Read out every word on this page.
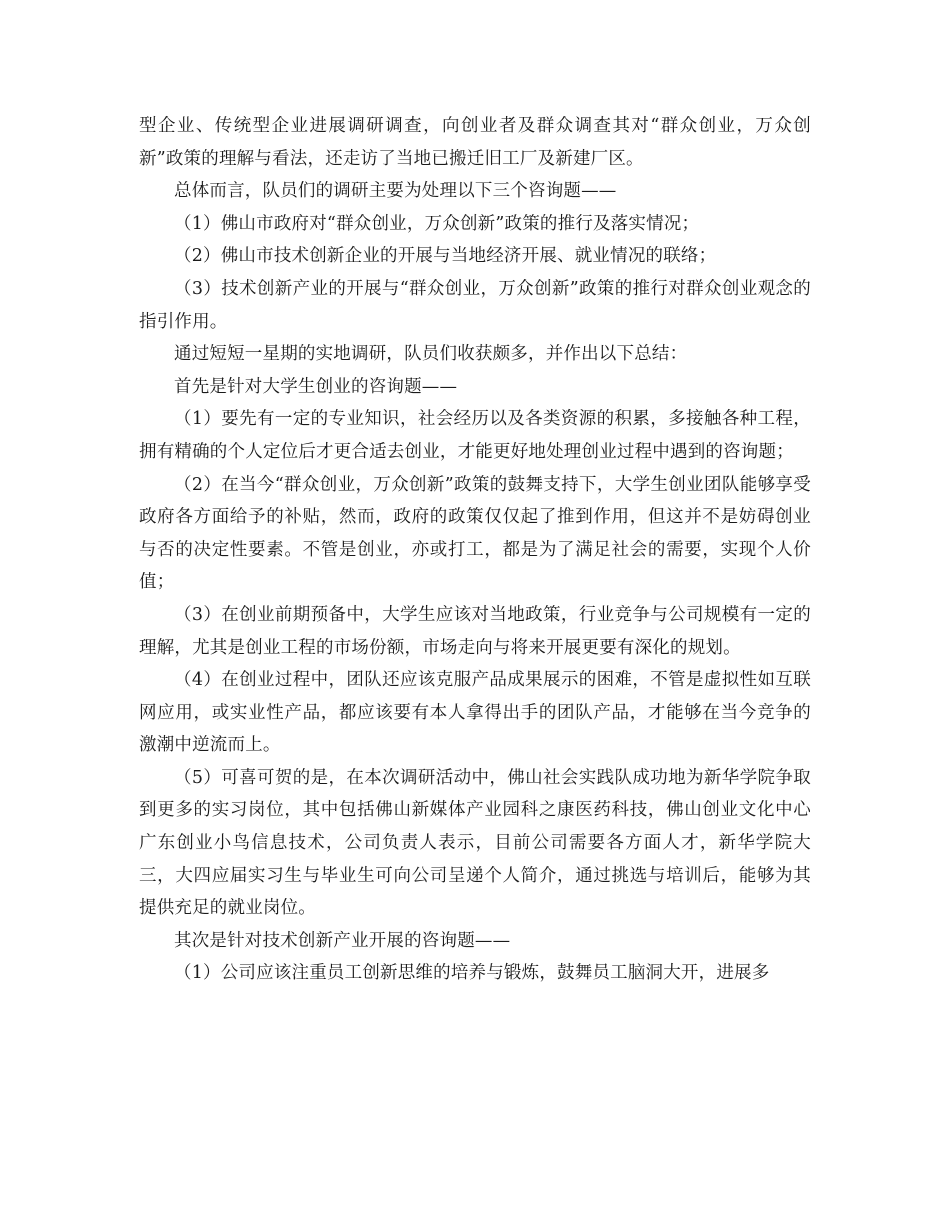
型企业、传统型企业进展调研调查，向创业者及群众调查其对“群众创业，万众创新”政策的理解与看法，还走访了当地已搬迁旧工厂及新建厂区。

总体而言，队员们的调研主要为处理以下三个咨询题——

（1）佛山市政府对“群众创业，万众创新”政策的推行及落实情况；

（2）佛山市技术创新企业的开展与当地经济开展、就业情况的联络；

（3）技术创新产业的开展与“群众创业，万众创新”政策的推行对群众创业观念的指引作用。

通过短短一星期的实地调研，队员们收获颇多，并作出以下总结：

首先是针对大学生创业的咨询题——

（1）要先有一定的专业知识，社会经历以及各类资源的积累，多接触各种工程，拥有精确的个人定位后才更合适去创业，才能更好地处理创业过程中遇到的咨询题；

（2）在当今“群众创业，万众创新”政策的鼓舞支持下，大学生创业团队能够享受政府各方面给予的补贴，然而，政府的政策仅仅起了推到作用，但这并不是妨碍创业与否的决定性要素。不管是创业，亦或打工，都是为了满足社会的需要，实现个人价值；

（3）在创业前期预备中，大学生应该对当地政策，行业竞争与公司规模有一定的理解，尤其是创业工程的市场份额，市场走向与将来开展更要有深化的规划。

（4）在创业过程中，团队还应该克服产品成果展示的困难，不管是虚拟性如互联网应用，或实业性产品，都应该要有本人拿得出手的团队产品，才能够在当今竞争的激潮中逆流而上。

（5）可喜可贺的是，在本次调研活动中，佛山社会实践队成功地为新华学院争取到更多的实习岗位，其中包括佛山新媒体产业园科之康医药科技，佛山创业文化中心广东创业小鸟信息技术，公司负责人表示，目前公司需要各方面人才，新华学院大三，大四应届实习生与毕业生可向公司呈递个人简介，通过挑选与培训后，能够为其提供充足的就业岗位。

其次是针对技术创新产业开展的咨询题——

（1）公司应该注重员工创新思维的培养与锻炼，鼓舞员工脑洞大开，进展多
